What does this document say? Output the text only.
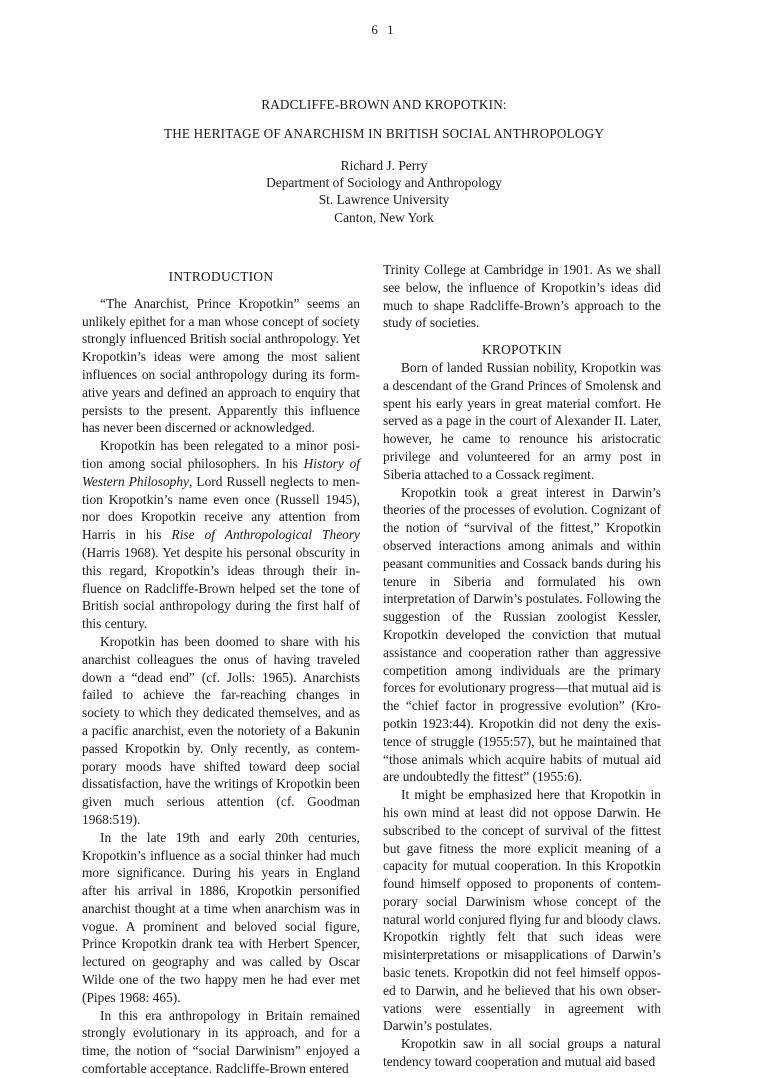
6 1
RADCLIFFE-BROWN AND KROPOTKIN:
THE HERITAGE OF ANARCHISM IN BRITISH SOCIAL ANTHROPOLOGY
Richard J. Perry
Department of Sociology and Anthropology
St. Lawrence University
Canton, New York
INTRODUCTION

“The Anarchist, Prince Kropotkin” seems an unlikely epithet for a man whose concept of society strongly influenced British social anthropology. Yet Kropotkin’s ideas were among the most salient influences on social anthropology during its formative years and defined an approach to enquiry that persists to the present. Apparently this influence has never been discerned or acknowledged.

Kropotkin has been relegated to a minor position among social philosophers. In his History of Western Philosophy, Lord Russell neglects to mention Kropotkin’s name even once (Russell 1945), nor does Kropotkin receive any attention from Harris in his Rise of Anthropological Theory (Harris 1968). Yet despite his personal obscurity in this regard, Kropotkin’s ideas through their influence on Radcliffe-Brown helped set the tone of British social anthropology during the first half of this century.

Kropotkin has been doomed to share with his anarchist colleagues the onus of having traveled down a “dead end” (cf. Jolls: 1965). Anarchists failed to achieve the far-reaching changes in society to which they dedicated themselves, and as a pacific anarchist, even the notoriety of a Bakunin passed Kropotkin by. Only recently, as contemporary moods have shifted toward deep social dissatisfaction, have the writings of Kropotkin been given much serious attention (cf. Goodman 1968:519).

In the late 19th and early 20th centuries, Kropotkin’s influence as a social thinker had much more significance. During his years in England after his arrival in 1886, Kropotkin personified anarchist thought at a time when anarchism was in vogue. A prominent and beloved social figure, Prince Kropotkin drank tea with Herbert Spencer, lectured on geography and was called by Oscar Wilde one of the two happy men he had ever met (Pipes 1968: 465).

In this era anthropology in Britain remained strongly evolutionary in its approach, and for a time, the notion of “social Darwinism” enjoyed a comfortable acceptance. Radcliffe-Brown entered

Trinity College at Cambridge in 1901. As we shall see below, the influence of Kropotkin’s ideas did much to shape Radcliffe-Brown’s approach to the study of societies.

KROPOTKIN

Born of landed Russian nobility, Kropotkin was a descendant of the Grand Princes of Smolensk and spent his early years in great material comfort. He served as a page in the court of Alexander II. Later, however, he came to renounce his aristocratic privilege and volunteered for an army post in Siberia attached to a Cossack regiment.

Kropotkin took a great interest in Darwin’s theories of the processes of evolution. Cognizant of the notion of “survival of the fittest,” Kropotkin observed interactions among animals and within peasant communities and Cossack bands during his tenure in Siberia and formulated his own interpretation of Darwin’s postulates. Following the suggestion of the Russian zoologist Kessler, Kropotkin developed the conviction that mutual assistance and cooperation rather than aggressive competition among individuals are the primary forces for evolutionary progress—that mutual aid is the “chief factor in progressive evolution” (Kropotkin 1923:44). Kropotkin did not deny the existence of struggle (1955:57), but he maintained that “those animals which acquire habits of mutual aid are undoubtedly the fittest” (1955:6).

It might be emphasized here that Kropotkin in his own mind at least did not oppose Darwin. He subscribed to the concept of survival of the fittest but gave fitness the more explicit meaning of a capacity for mutual cooperation. In this Kropotkin found himself opposed to proponents of contemporary social Darwinism whose concept of the natural world conjured flying fur and bloody claws. Kropotkin rightly felt that such ideas were misinterpretations or misapplications of Darwin’s basic tenets. Kropotkin did not feel himself opposed to Darwin, and he believed that his own observations were essentially in agreement with Darwin’s postulates.

Kropotkin saw in all social groups a natural tendency toward cooperation and mutual aid based
